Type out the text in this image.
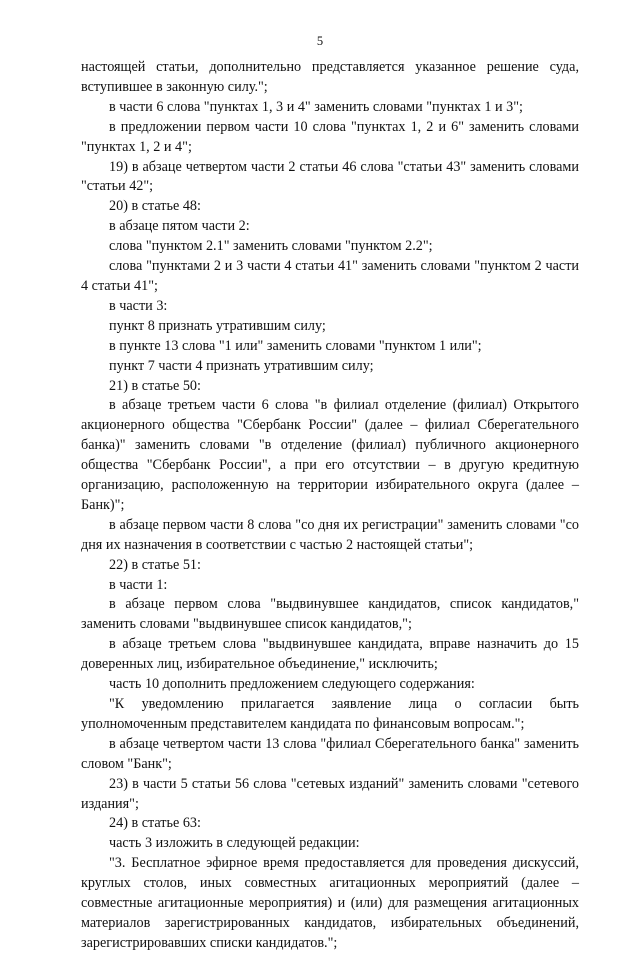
5

настоящей статьи, дополнительно представляется указанное решение суда, вступившее в законную силу.";

в части 6 слова "пунктах 1, 3 и 4" заменить словами "пунктах 1 и 3";

в предложении первом части 10 слова "пунктах 1, 2 и 6" заменить словами "пунктах 1, 2 и 4";

19) в абзаце четвертом части 2 статьи 46 слова "статьи 43" заменить словами "статьи 42";

20) в статье 48:

в абзаце пятом части 2:

слова "пунктом 2.1" заменить словами "пунктом 2.2";

слова "пунктами 2 и 3 части 4 статьи 41" заменить словами "пунктом 2 части 4 статьи 41";

в части 3:

пункт 8 признать утратившим силу;

в пункте 13 слова "1 или" заменить словами "пунктом 1 или";

пункт 7 части 4 признать утратившим силу;

21) в статье 50:

в абзаце третьем части 6 слова "в филиал отделение (филиал) Открытого акционерного общества "Сбербанк России" (далее – филиал Сберегательного банка)" заменить словами "в отделение (филиал) публичного акционерного общества "Сбербанк России", а при его отсутствии – в другую кредитную организацию, расположенную на территории избирательного округа (далее – Банк)";

в абзаце первом части 8 слова "со дня их регистрации" заменить словами "со дня их назначения в соответствии с частью 2 настоящей статьи";

22) в статье 51:

в части 1:

в абзаце первом слова "выдвинувшее кандидатов, список кандидатов," заменить словами "выдвинувшее список кандидатов,";

в абзаце третьем слова "выдвинувшее кандидата, вправе назначить до 15 доверенных лиц, избирательное объединение," исключить;

часть 10 дополнить предложением следующего содержания:

"К уведомлению прилагается заявление лица о согласии быть уполномоченным представителем кандидата по финансовым вопросам.";

в абзаце четвертом части 13 слова "филиал Сберегательного банка" заменить словом "Банк";

23) в части 5 статьи 56 слова "сетевых изданий" заменить словами "сетевого издания";

24) в статье 63:

часть 3 изложить в следующей редакции:

"3. Бесплатное эфирное время предоставляется для проведения дискуссий, круглых столов, иных совместных агитационных мероприятий (далее – совместные агитационные мероприятия) и (или) для размещения агитационных материалов зарегистрированных кандидатов, избирательных объединений, зарегистрировавших списки кандидатов.";
